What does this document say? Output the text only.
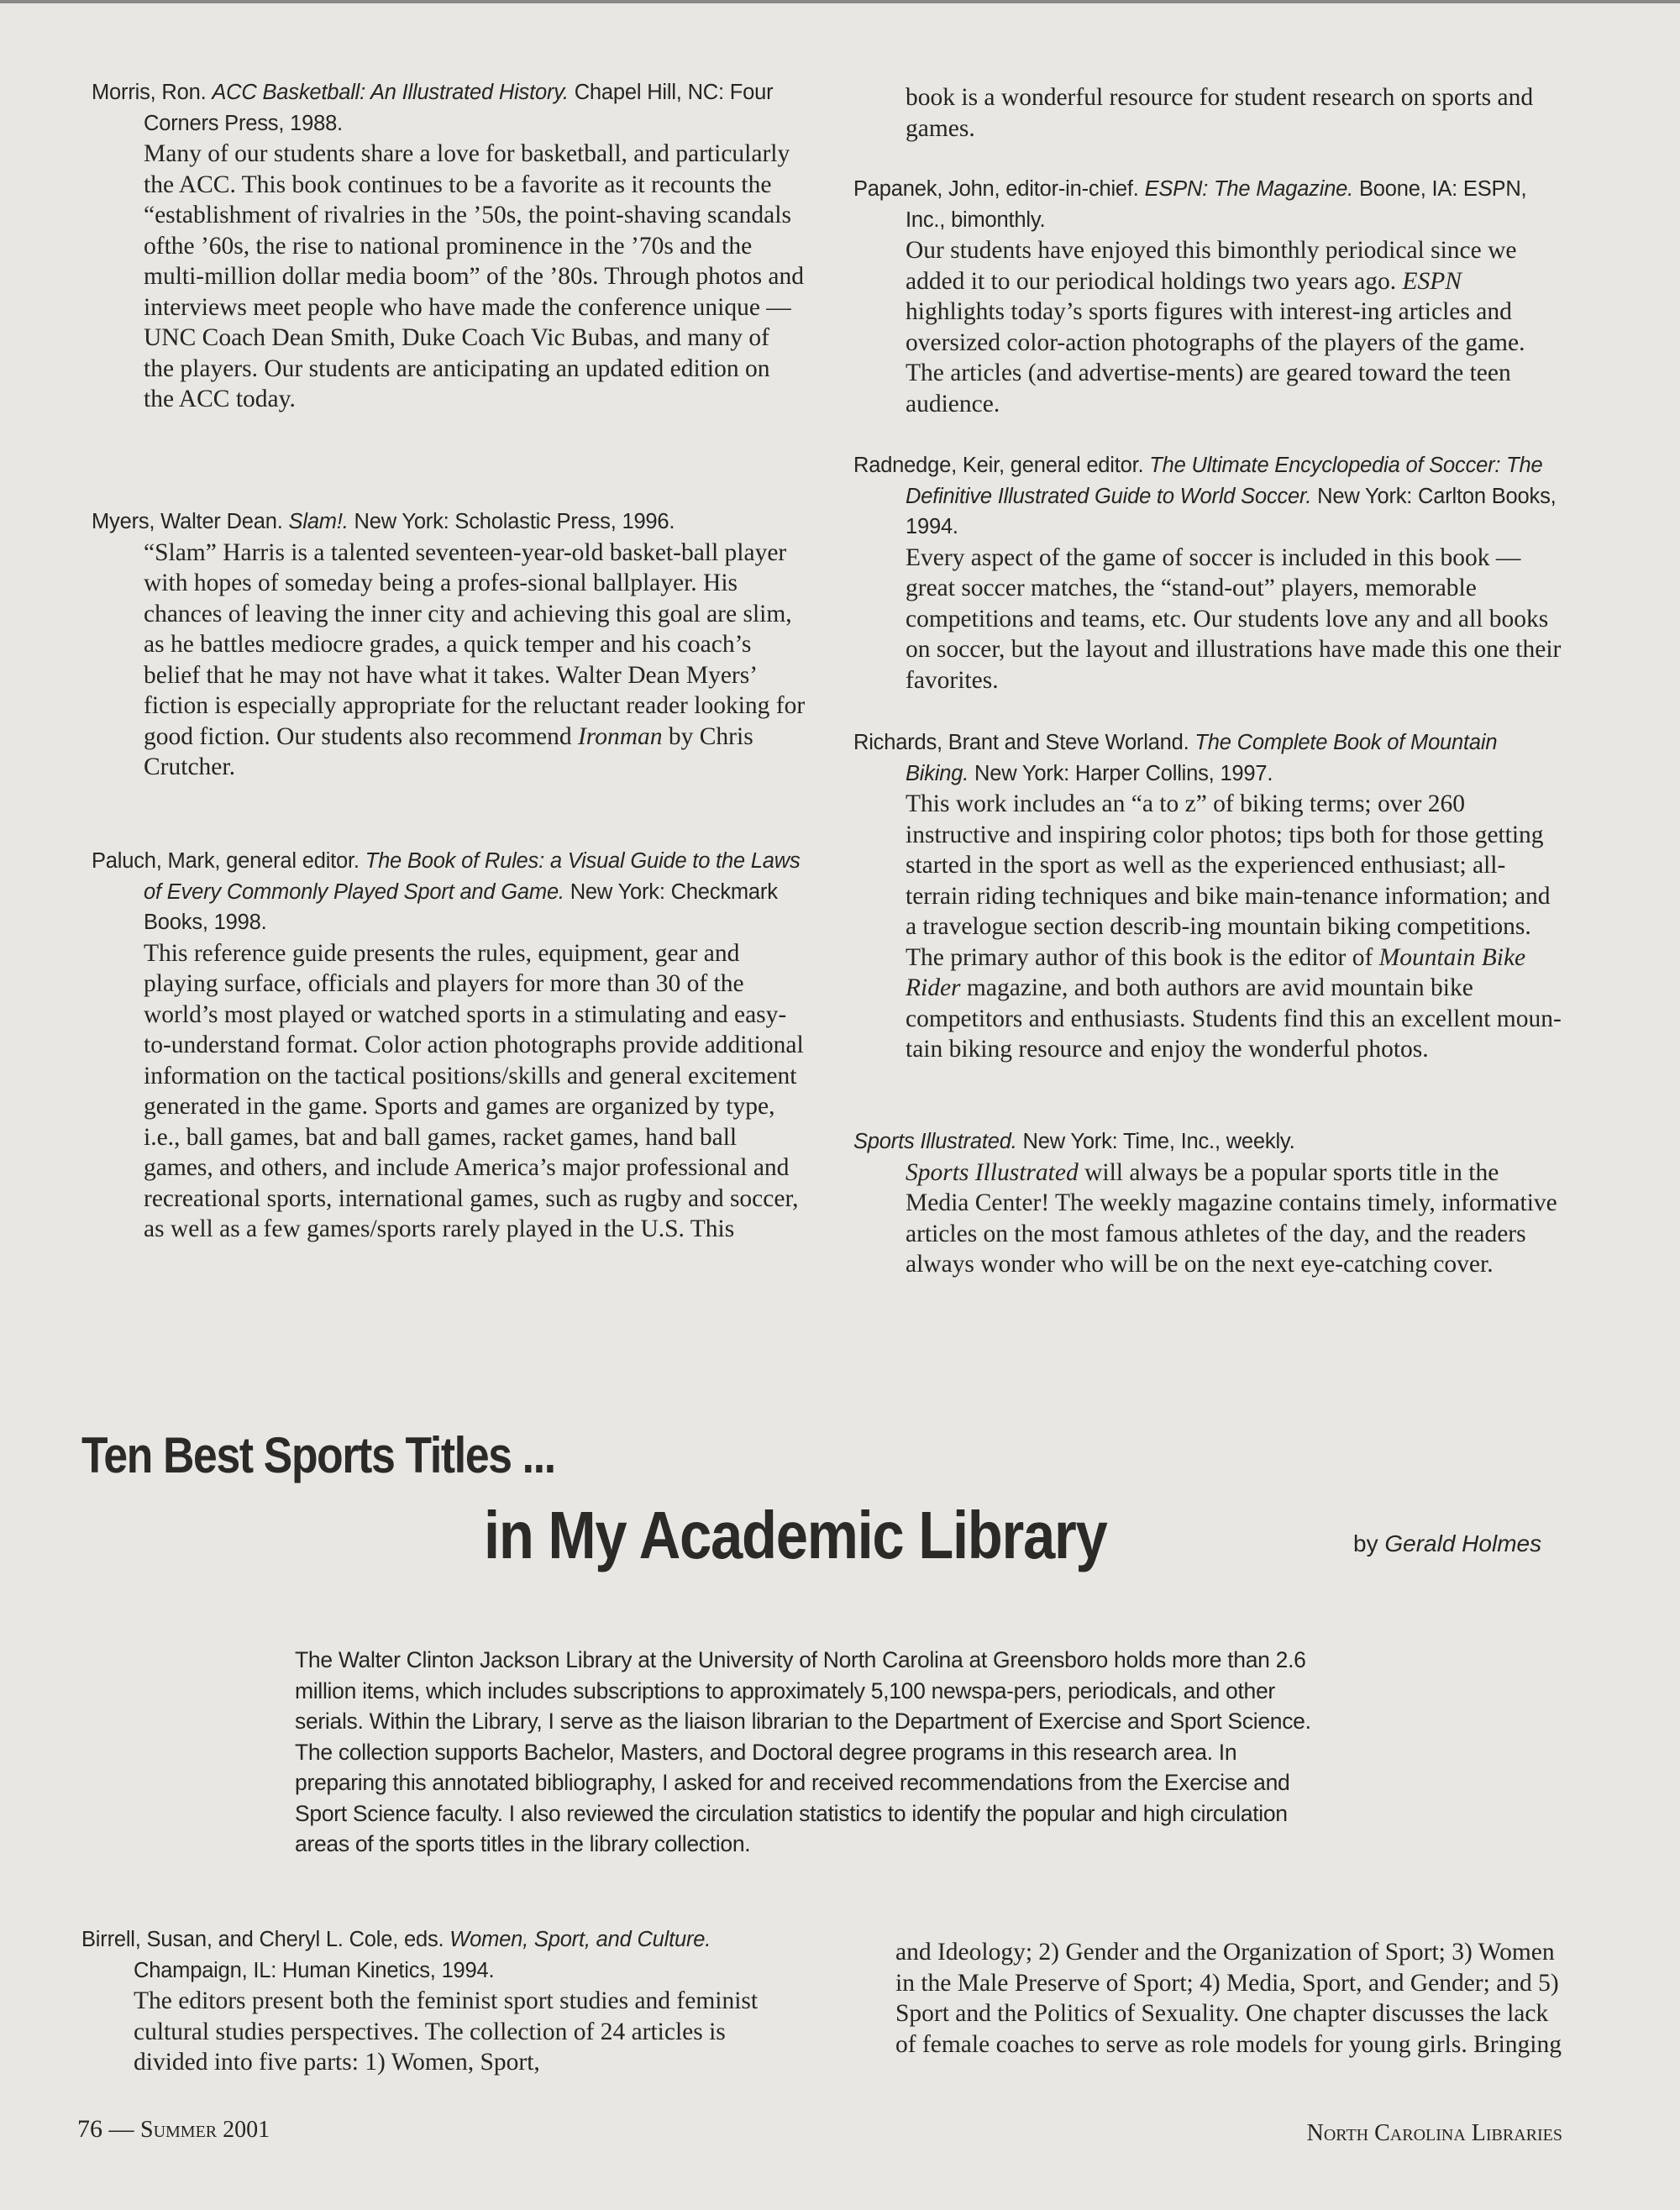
Morris, Ron. ACC Basketball: An Illustrated History. Chapel Hill, NC: Four Corners Press, 1988.
Many of our students share a love for basketball, and particularly the ACC. This book continues to be a favorite as it recounts the “establishment of rivalries in the ’50s, the point-shaving scandals ofthe ’60s, the rise to national prominence in the ’70s and the multi-million dollar media boom” of the ’80s. Through photos and interviews meet people who have made the conference unique — UNC Coach Dean Smith, Duke Coach Vic Bubas, and many of the players. Our students are anticipating an updated edition on the ACC today.
Myers, Walter Dean. Slam!. New York: Scholastic Press, 1996.
“Slam” Harris is a talented seventeen-year-old basket-ball player with hopes of someday being a profes-sional ballplayer. His chances of leaving the inner city and achieving this goal are slim, as he battles mediocre grades, a quick temper and his coach’s belief that he may not have what it takes. Walter Dean Myers’ fiction is especially appropriate for the reluctant reader looking for good fiction. Our students also recommend Ironman by Chris Crutcher.
Paluch, Mark, general editor. The Book of Rules: a Visual Guide to the Laws of Every Commonly Played Sport and Game. New York: Checkmark Books, 1998.
This reference guide presents the rules, equipment, gear and playing surface, officials and players for more than 30 of the world’s most played or watched sports in a stimulating and easy-to-understand format. Color action photographs provide additional information on the tactical positions/skills and general excitement generated in the game. Sports and games are organized by type, i.e., ball games, bat and ball games, racket games, hand ball games, and others, and include America’s major professional and recreational sports, international games, such as rugby and soccer, as well as a few games/sports rarely played in the U.S. This
book is a wonderful resource for student research on sports and games.
Papanek, John, editor-in-chief. ESPN: The Magazine. Boone, IA: ESPN, Inc., bimonthly.
Our students have enjoyed this bimonthly periodical since we added it to our periodical holdings two years ago. ESPN highlights today’s sports figures with interest-ing articles and oversized color-action photographs of the players of the game. The articles (and advertise-ments) are geared toward the teen audience.
Radnedge, Keir, general editor. The Ultimate Encyclopedia of Soccer: The Definitive Illustrated Guide to World Soccer. New York: Carlton Books, 1994.
Every aspect of the game of soccer is included in this book — great soccer matches, the “stand-out” players, memorable competitions and teams, etc. Our students love any and all books on soccer, but the layout and illustrations have made this one their favorites.
Richards, Brant and Steve Worland. The Complete Book of Mountain Biking. New York: Harper Collins, 1997.
This work includes an “a to z” of biking terms; over 260 instructive and inspiring color photos; tips both for those getting started in the sport as well as the experienced enthusiast; all-terrain riding techniques and bike main-tenance information; and a travelogue section describ-ing mountain biking competitions. The primary author of this book is the editor of Mountain Bike Rider magazine, and both authors are avid mountain bike competitors and enthusiasts. Students find this an excellent moun-tain biking resource and enjoy the wonderful photos.
Sports Illustrated. New York: Time, Inc., weekly.
Sports Illustrated will always be a popular sports title in the Media Center! The weekly magazine contains timely, informative articles on the most famous athletes of the day, and the readers always wonder who will be on the next eye-catching cover.
Ten Best Sports Titles ...
in My Academic Library	by Gerald Holmes
The Walter Clinton Jackson Library at the University of North Carolina at Greensboro holds more than 2.6 million items, which includes subscriptions to approximately 5,100 newspa-pers, periodicals, and other serials. Within the Library, I serve as the liaison librarian to the Department of Exercise and Sport Science. The collection supports Bachelor, Masters, and Doctoral degree programs in this research area. In preparing this annotated bibliography, I asked for and received recommendations from the Exercise and Sport Science faculty. I also reviewed the circulation statistics to identify the popular and high circulation areas of the sports titles in the library collection.
Birrell, Susan, and Cheryl L. Cole, eds. Women, Sport, and Culture. Champaign, IL: Human Kinetics, 1994.
The editors present both the feminist sport studies and feminist cultural studies perspectives. The collection of 24 articles is divided into five parts: 1) Women, Sport,
and Ideology; 2) Gender and the Organization of Sport; 3) Women in the Male Preserve of Sport; 4) Media, Sport, and Gender; and 5) Sport and the Politics of Sexuality. One chapter discusses the lack of female coaches to serve as role models for young girls. Bringing
76 — Summer 2001	North Carolina Libraries
